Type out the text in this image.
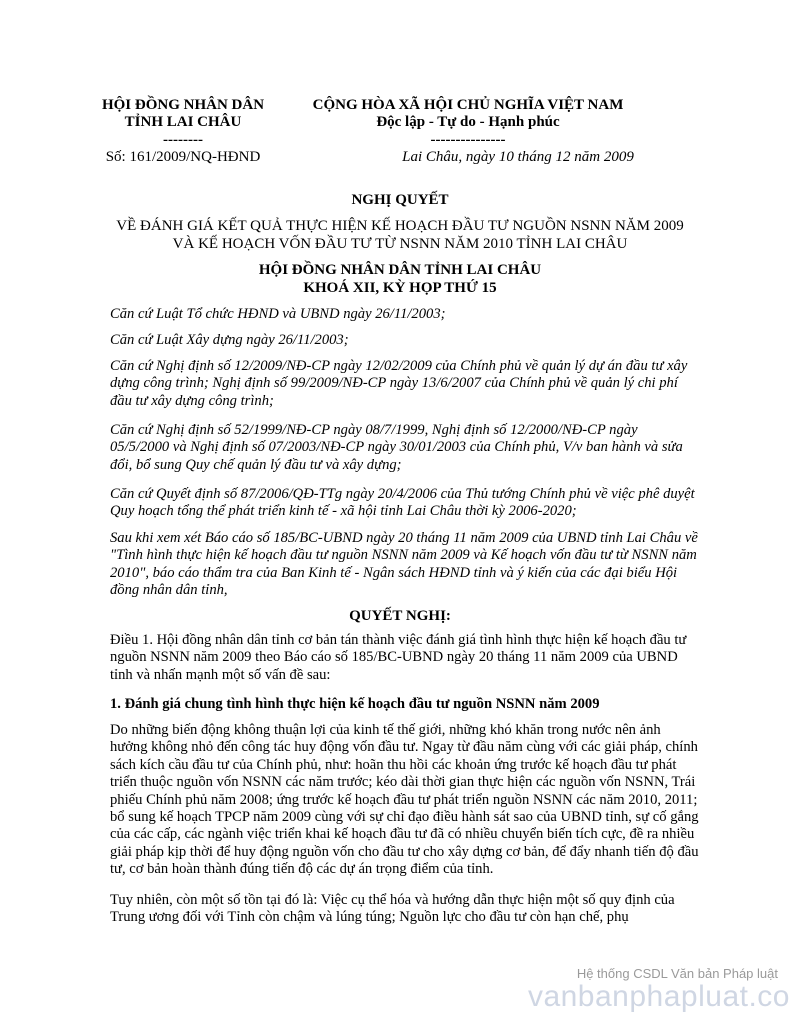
HỘI ĐỒNG NHÂN DÂN
TỈNH LAI CHÂU
--------
Số: 161/2009/NQ-HĐND
CỘNG HÒA XÃ HỘI CHỦ NGHĨA VIỆT NAM
Độc lập - Tự do - Hạnh phúc
---------------
Lai Châu, ngày 10 tháng 12 năm 2009
NGHỊ QUYẾT
VỀ ĐÁNH GIÁ KẾT QUẢ THỰC HIỆN KẾ HOẠCH ĐẦU TƯ NGUỒN NSNN NĂM 2009
VÀ KẾ HOẠCH VỐN ĐẦU TƯ TỪ NSNN NĂM 2010 TỈNH LAI CHÂU
HỘI ĐỒNG NHÂN DÂN TỈNH LAI CHÂU
KHOÁ XII, KỲ HỌP THỨ 15

Căn cứ Luật Tổ chức HĐND và UBND ngày 26/11/2003;

Căn cứ Luật Xây dựng ngày 26/11/2003;

Căn cứ Nghị định số 12/2009/NĐ-CP ngày 12/02/2009 của Chính phủ về quản lý dự án đầu tư xây dựng công trình; Nghị định số 99/2009/NĐ-CP ngày 13/6/2007 của Chính phủ về quản lý chi phí đầu tư xây dựng công trình;

Căn cứ Nghị định số 52/1999/NĐ-CP ngày 08/7/1999, Nghị định số 12/2000/NĐ-CP ngày 05/5/2000 và Nghị định số 07/2003/NĐ-CP ngày 30/01/2003 của Chính phủ, V/v ban hành và sửa đổi, bổ sung Quy chế quản lý đầu tư và xây dựng;

Căn cứ Quyết định số 87/2006/QĐ-TTg ngày 20/4/2006 của Thủ tướng Chính phủ về việc phê duyệt Quy hoạch tổng thể phát triển kinh tế - xã hội tỉnh Lai Châu thời kỳ 2006-2020;

Sau khi xem xét Báo cáo số 185/BC-UBND ngày 20 tháng 11 năm 2009 của UBND tỉnh Lai Châu về "Tình hình thực hiện kế hoạch đầu tư nguồn NSNN năm 2009 và Kế hoạch vốn đầu tư từ NSNN năm 2010", báo cáo thẩm tra của Ban Kinh tế - Ngân sách HĐND tỉnh và ý kiến của các đại biểu Hội đồng nhân dân tỉnh,

QUYẾT NGHỊ:

Điều 1. Hội đồng nhân dân tỉnh cơ bản tán thành việc đánh giá tình hình thực hiện kế hoạch đầu tư nguồn NSNN năm 2009 theo Báo cáo số 185/BC-UBND ngày 20 tháng 11 năm 2009 của UBND tỉnh và nhấn mạnh một số vấn đề sau:

1. Đánh giá chung tình hình thực hiện kế hoạch đầu tư nguồn NSNN năm 2009

Do những biến động không thuận lợi của kinh tế thế giới, những khó khăn trong nước nên ảnh hưởng không nhỏ đến công tác huy động vốn đầu tư. Ngay từ đầu năm cùng với các giải pháp, chính sách kích cầu đầu tư của Chính phủ, như: hoãn thu hồi các khoản ứng trước kế hoạch đầu tư phát triển thuộc nguồn vốn NSNN các năm trước; kéo dài thời gian thực hiện các nguồn vốn NSNN, Trái phiếu Chính phủ năm 2008; ứng trước kế hoạch đầu tư phát triển nguồn NSNN các năm 2010, 2011; bổ sung kế hoạch TPCP năm 2009 cùng với sự chỉ đạo điều hành sát sao của UBND tỉnh, sự cố gắng của các cấp, các ngành việc triển khai kế hoạch đầu tư đã có nhiều chuyển biến tích cực, đề ra nhiều giải pháp kịp thời để huy động nguồn vốn cho đầu tư cho xây dựng cơ bản, để đẩy nhanh tiến độ đầu tư, cơ bản hoàn thành đúng tiến độ các dự án trọng điểm của tỉnh.

Tuy nhiên, còn một số tồn tại đó là: Việc cụ thể hóa và hướng dẫn thực hiện một số quy định của Trung ương đối với Tỉnh còn chậm và lúng túng; Nguồn lực cho đầu tư còn hạn chế, phụ

Hệ thống CSDL Văn bản Pháp luật
vanbanphapluat.co
